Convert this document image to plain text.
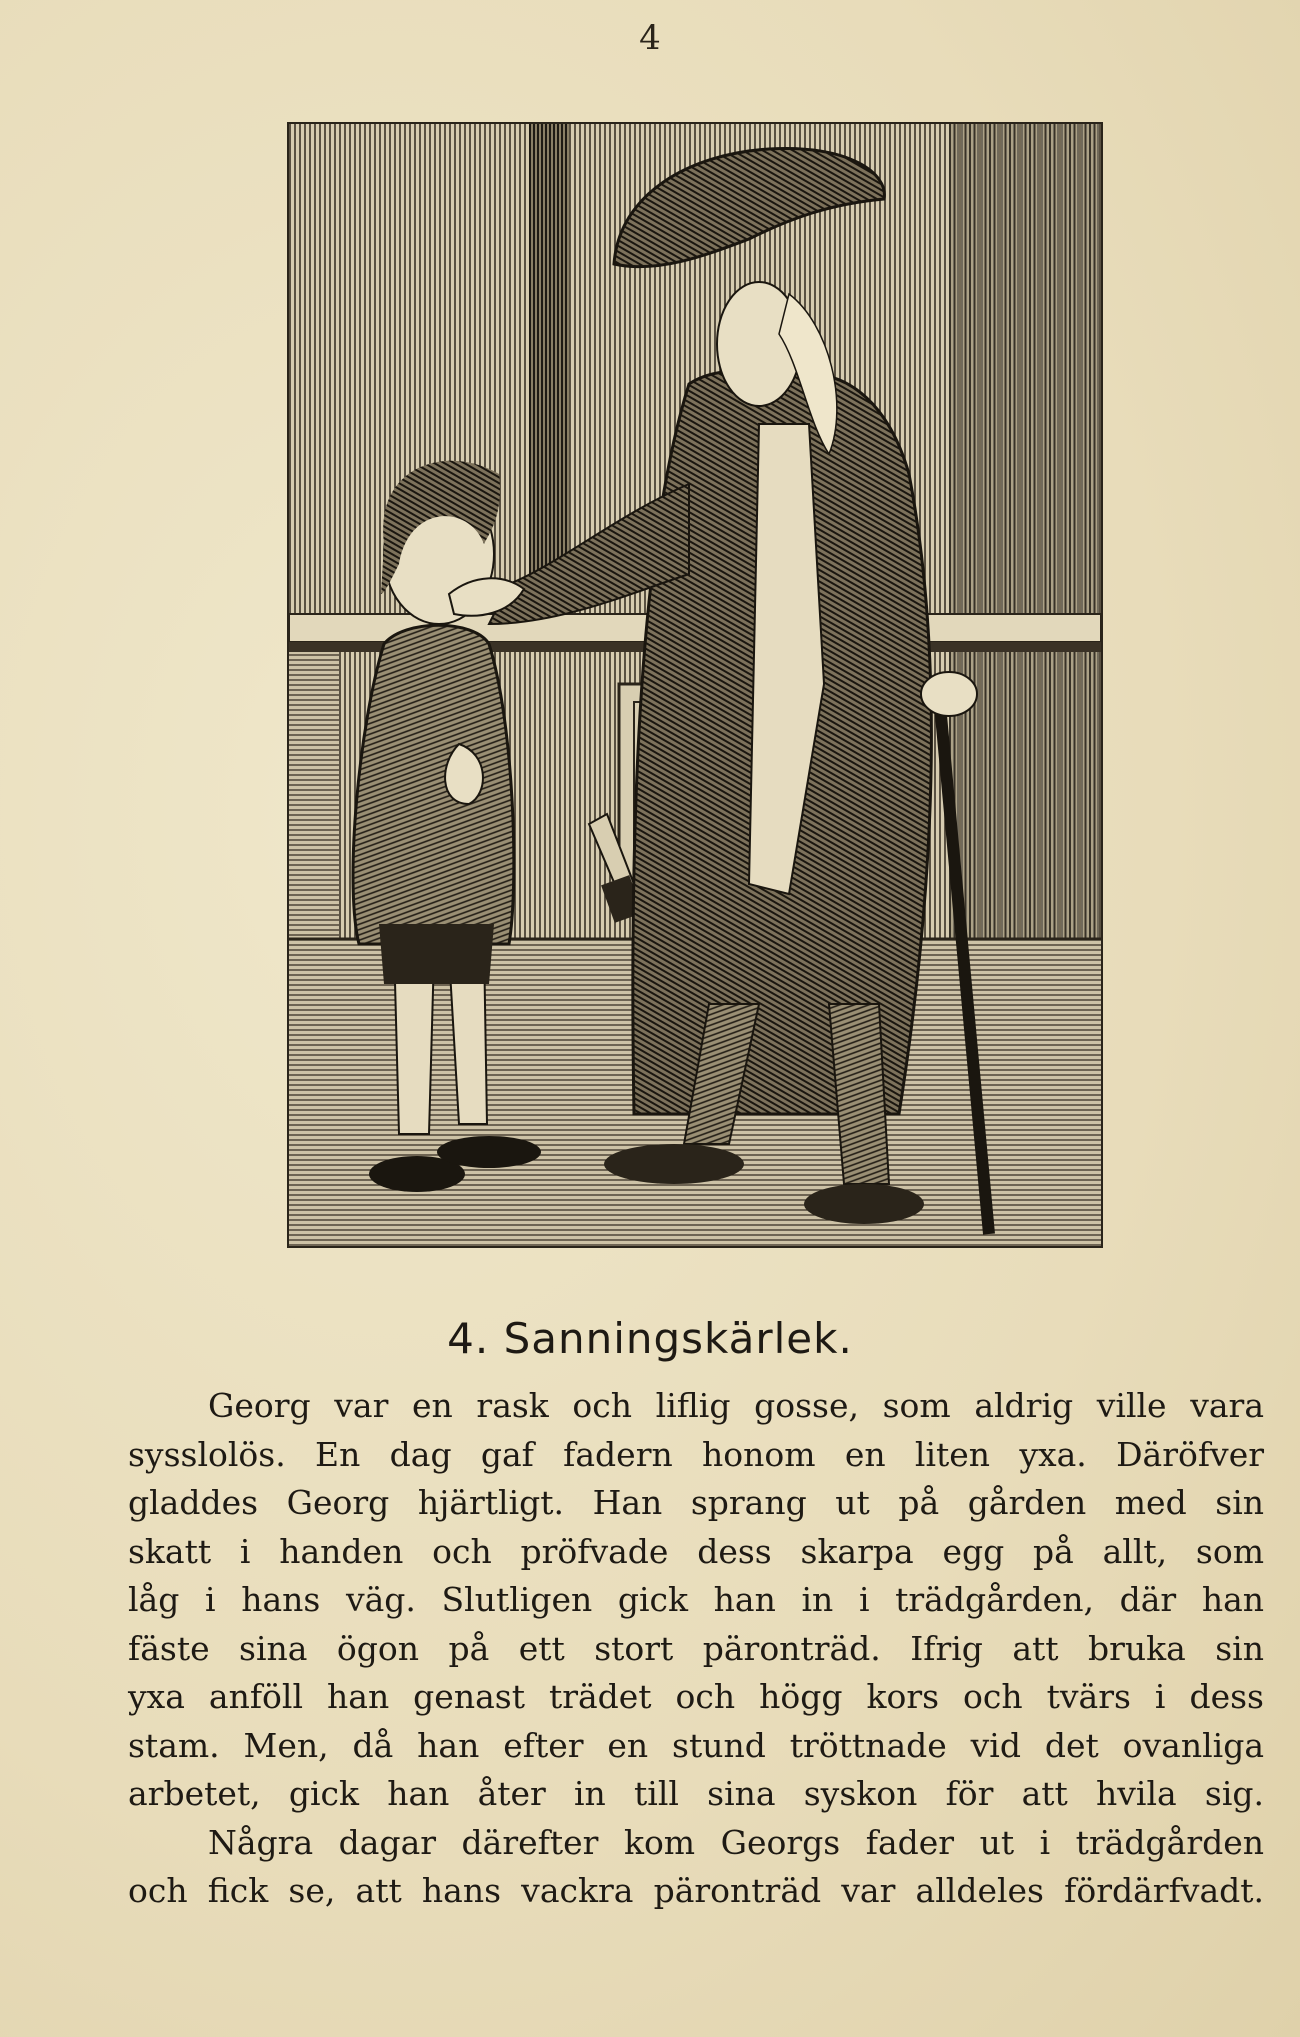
4
4. Sanningskärlek.
Georg var en rask och liflig gosse, som aldrig ville vara
sysslolös. En dag gaf fadern honom en liten yxa. Däröfver
gladdes Georg hjärtligt. Han sprang ut på gården med sin
skatt i handen och pröfvade dess skarpa egg på allt, som
låg i hans väg. Slutligen gick han in i trädgården, där han
fäste sina ögon på ett stort päronträd. Ifrig att bruka sin
yxa anföll han genast trädet och högg kors och tvärs i dess
stam. Men, då han efter en stund tröttnade vid det ovanliga
arbetet, gick han åter in till sina syskon för att hvila sig.
Några dagar därefter kom Georgs fader ut i trädgården
och fick se, att hans vackra päronträd var alldeles fördärfvadt.
